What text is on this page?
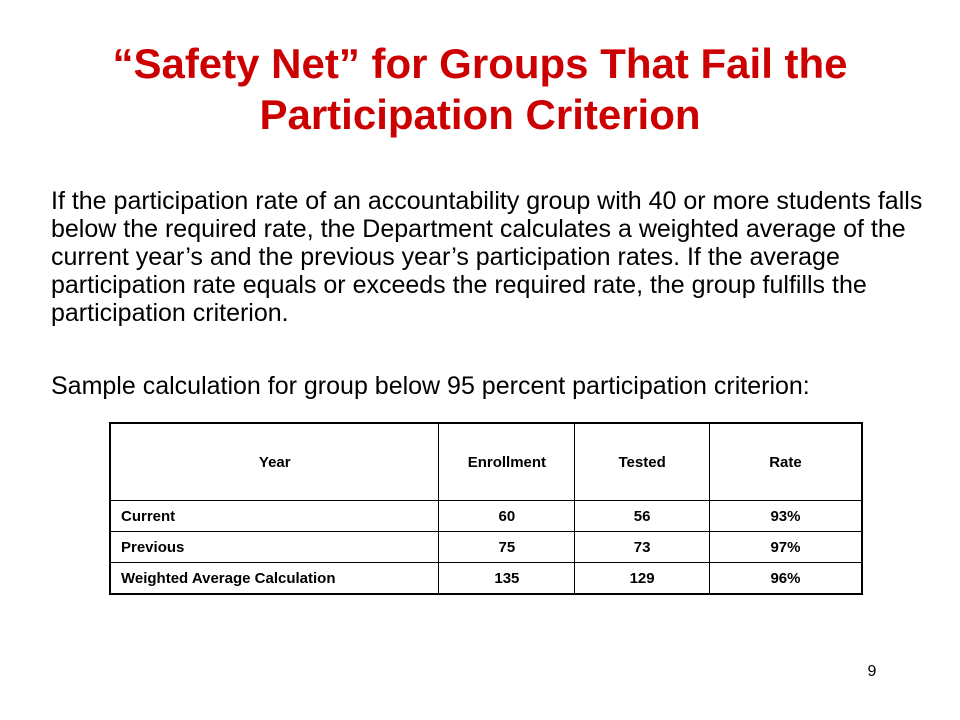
“Safety Net” for Groups That Fail the Participation Criterion

If the participation rate of an accountability group with 40 or more students falls below the required rate, the Department calculates a weighted average of the current year’s and the previous year’s participation rates. If the average participation rate equals or exceeds the required rate, the group fulfills the participation criterion.

Sample calculation for group below 95 percent participation criterion:

Year	Enrollment	Tested	Rate
Current	60	56	93%
Previous	75	73	97%
Weighted Average Calculation	135	129	96%
9
